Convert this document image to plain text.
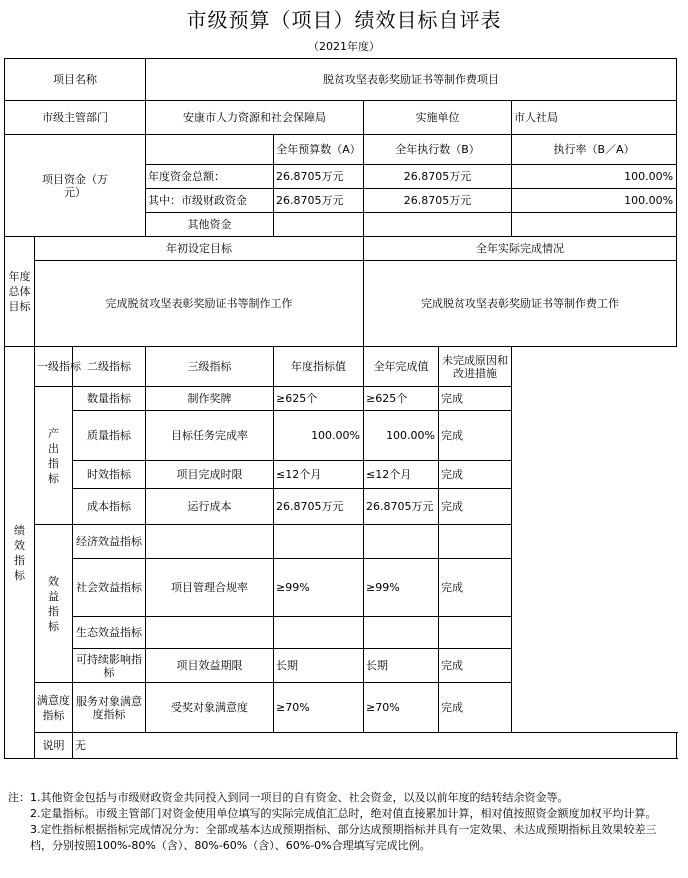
市级预算（项目）绩效目标自评表
（2021年度）
项目名称			脱贫攻坚表彰奖励证书等制作费项目				
市级主管部门			安康市人力资源和社会保障局		实施单位		市人社局
项目资金（万元）				全年预算数（A）	全年执行数（B）		执行率（B／A）
			年度资金总额：	26.8705万元	26.8705万元		100.00%
			其中：市级财政资金	26.8705万元	26.8705万元		100.00%
			其他资金				
年度总体目标	年初设定目标				全年实际完成情况		
	完成脱贫攻坚表彰奖励证书等制作工作				完成脱贫攻坚表彰奖励证书等制作费工作		
绩效指标	一级指标	二级指标	三级指标	年度指标值	全年完成值	未完成原因和改进措施	
	产出指标	数量指标	制作奖牌	≥625个	≥625个	完成	
		质量指标	目标任务完成率	100.00%	100.00%	完成	
		时效指标	项目完成时限	≤12个月	≤12个月	完成	
		成本指标	运行成本	26.8705万元	26.8705万元	完成	
	效益指标	经济效益指标					
		社会效益指标	项目管理合规率	≥99%	≥99%	完成	
		生态效益指标					
		可持续影响指标	项目效益期限	长期	长期	完成	
	满意度指标	服务对象满意度指标	受奖对象满意度	≥70%	≥70%	完成	
	说明	无					

注：1.其他资金包括与市级财政资金共同投入到同一项目的自有资金、社会资金，以及以前年度的结转结余资金等。

2.定量指标。市级主管部门对资金使用单位填写的实际完成值汇总时，绝对值直接累加计算，相对值按照资金额度加权平均计算。

3.定性指标根据指标完成情况分为：全部或基本达成预期指标、部分达成预期指标并具有一定效果、未达成预期指标且效果较差三档，分别按照100%-80%（含）、80%-60%（含）、60%-0%合理填写完成比例。
